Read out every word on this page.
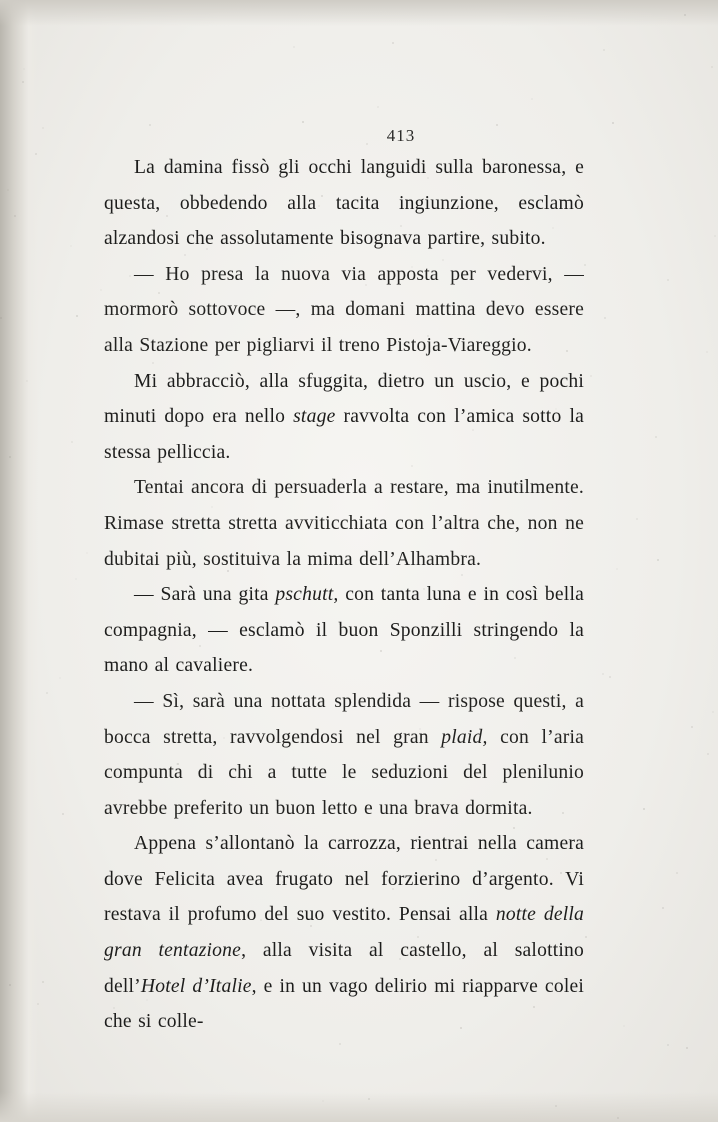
413

La damina fissò gli occhi languidi sulla baronessa, e questa, obbedendo alla tacita ingiunzione, esclamò alzandosi che assolutamente bisognava partire, subito.

— Ho presa la nuova via apposta per vedervi, — mormorò sottovoce —, ma domani mattina devo essere alla Stazione per pigliarvi il treno Pistoja-Viareggio.

Mi abbracciò, alla sfuggita, dietro un uscio, e pochi minuti dopo era nello stage ravvolta con l’amica sotto la stessa pelliccia.

Tentai ancora di persuaderla a restare, ma inutilmente. Rimase stretta stretta avviticchiata con l’altra che, non ne dubitai più, sostituiva la mima dell’Alhambra.

— Sarà una gita pschutt, con tanta luna e in così bella compagnia, — esclamò il buon Sponzilli stringendo la mano al cavaliere.

— Sì, sarà una nottata splendida — rispose questi, a bocca stretta, ravvolgendosi nel gran plaid, con l’aria compunta di chi a tutte le seduzioni del plenilunio avrebbe preferito un buon letto e una brava dormita.

Appena s’allontanò la carrozza, rientrai nella camera dove Felicita avea frugato nel forzierino d’argento. Vi restava il profumo del suo vestito. Pensai alla notte della gran tentazione, alla visita al castello, al salottino dell’Hotel d’Italie, e in un vago delirio mi riapparve colei che si colle-
